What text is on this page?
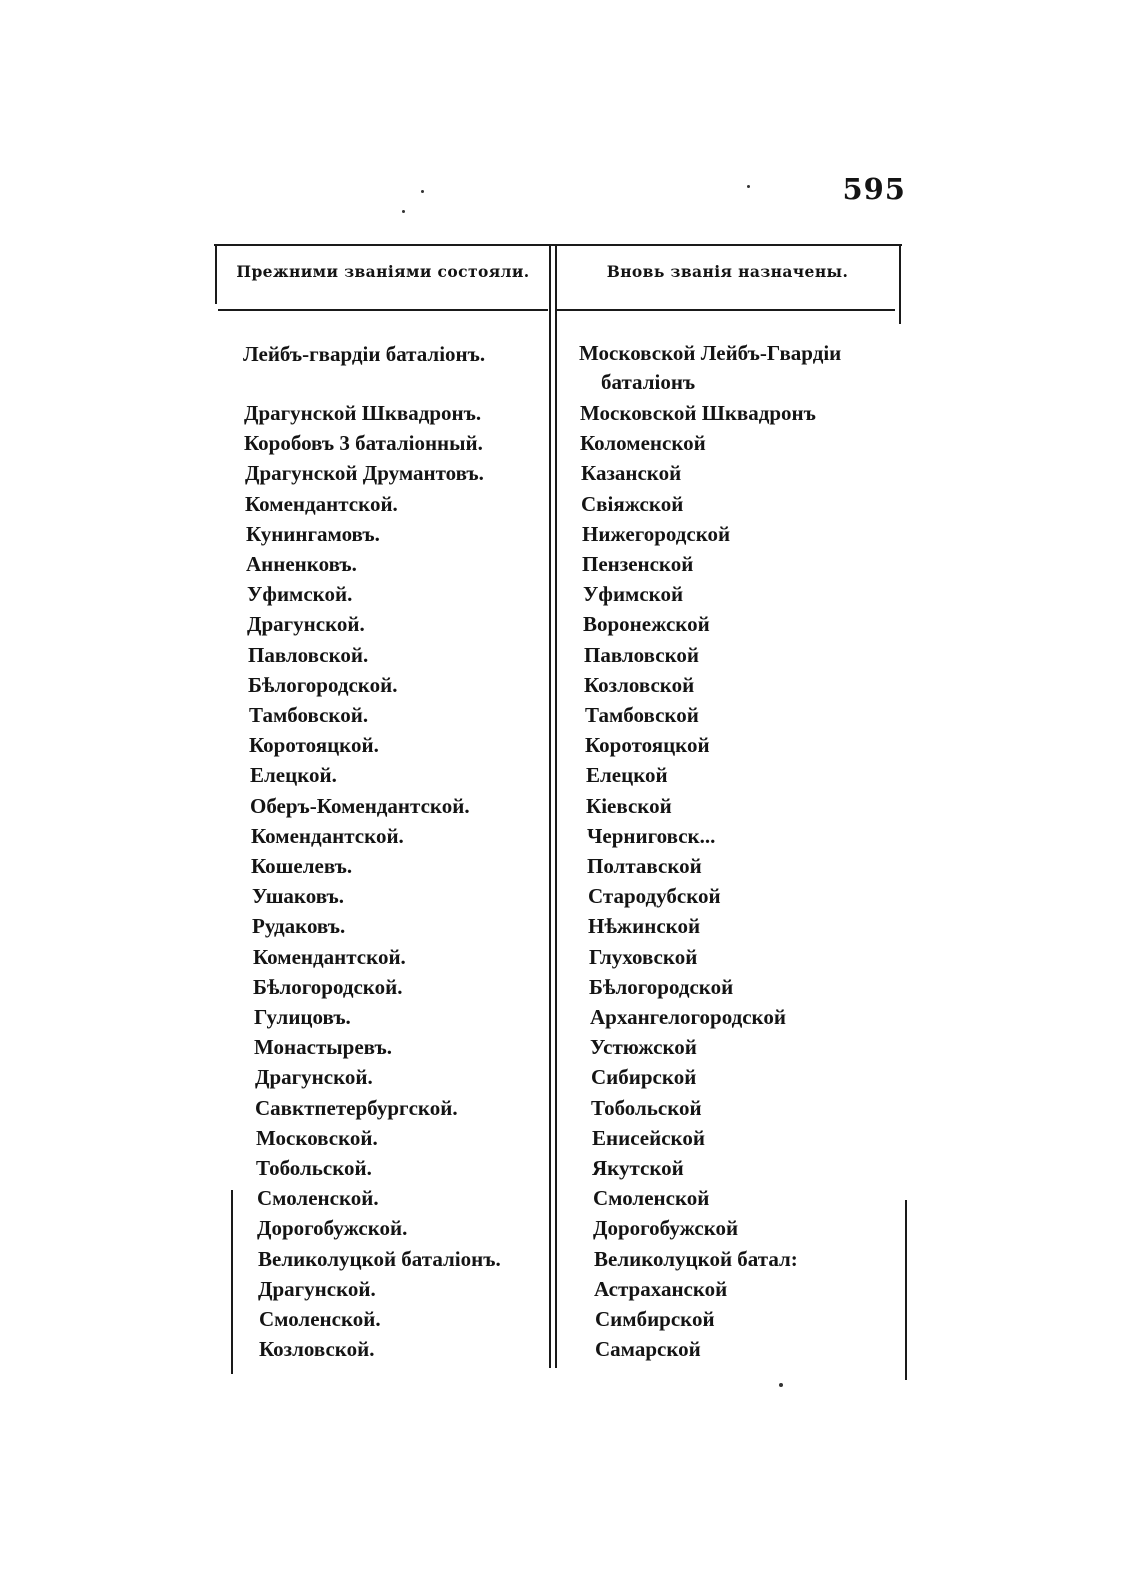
595
Прежними званіями состояли.	Вновь званія назначены.
Лейбъ-гвардіи баталіонъ.	Московской Лейбъ-Гвардіи
баталіонъ
Драгунской Шквадронъ.	Московской Шквадронъ
Коробовъ 3 баталіонный.	Коломенской
Драгунской Друмантовъ.	Казанской
Комендантской.	Свіяжской
Кунингамовъ.	Нижегородской
Анненковъ.	Пензенской
Уфимской.	Уфимской
Драгунской.	Воронежской
Павловской.	Павловской
Бѣлогородской.	Козловской
Тамбовской.	Тамбовской
Коротояцкой.	Коротояцкой
Елецкой.	Елецкой
Оберъ-Комендантской.	Кіевской
Комендантской.	Черниговск...
Кошелевъ.	Полтавской
Ушаковъ.	Стародубской
Рудаковъ.	Нѣжинской
Комендантской.	Глуховской
Бѣлогородской.	Бѣлогородской
Гулицовъ.	Архангелогородской
Монастыревъ.	Устюжской
Драгунской.	Сибирской
Савктпетербургской.	Тобольской
Московской.	Енисейской
Тобольской.	Якутской
Смоленской.	Смоленской
Дорогобужской.	Дорогобужской
Великолуцкой баталіонъ.	Великолуцкой батал:
Драгунской.	Астраханской
Смоленской.	Симбирской
Козловской.	Самарской
